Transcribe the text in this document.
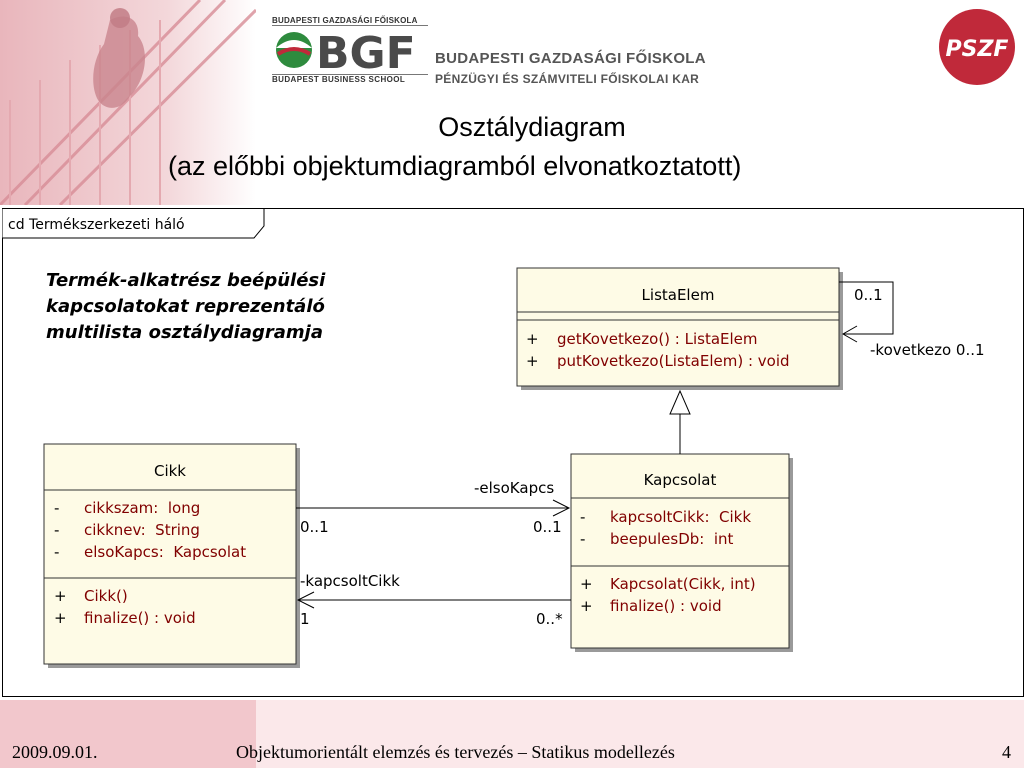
BUDAPESTI GAZDASÁGI FŐISKOLA
BGF
BUDAPEST BUSINESS SCHOOL
BUDAPESTI GAZDASÁGI FŐISKOLA
PÉNZÜGYI ÉS SZÁMVITELI FŐISKOLAI KAR
PSZF
Osztálydiagram
(az előbbi objektumdiagramból elvonatkoztatott)
cd Termékszerkezeti háló
Termék-alkatrész beépülési
kapcsolatokat reprezentáló
multilista osztálydiagramja
ListaElem
+ getKovetkezo() : ListaElem
+ putKovetkezo(ListaElem) : void
Cikk
- cikkszam:  long
- cikknev:  String
- elsoKapcs:  Kapcsolat
+ Cikk()
+ finalize() : void
Kapcsolat
- kapcsoltCikk:  Cikk
- beepulesDb:  int
+ Kapcsolat(Cikk, int)
+ finalize() : void
0..1
-kovetkezo 0..1
-elsoKapcs
0..1	0..1
-kapcsoltCikk
1	0..*
2009.09.01.	Objektumorientált elemzés és tervezés – Statikus modellezés	4
